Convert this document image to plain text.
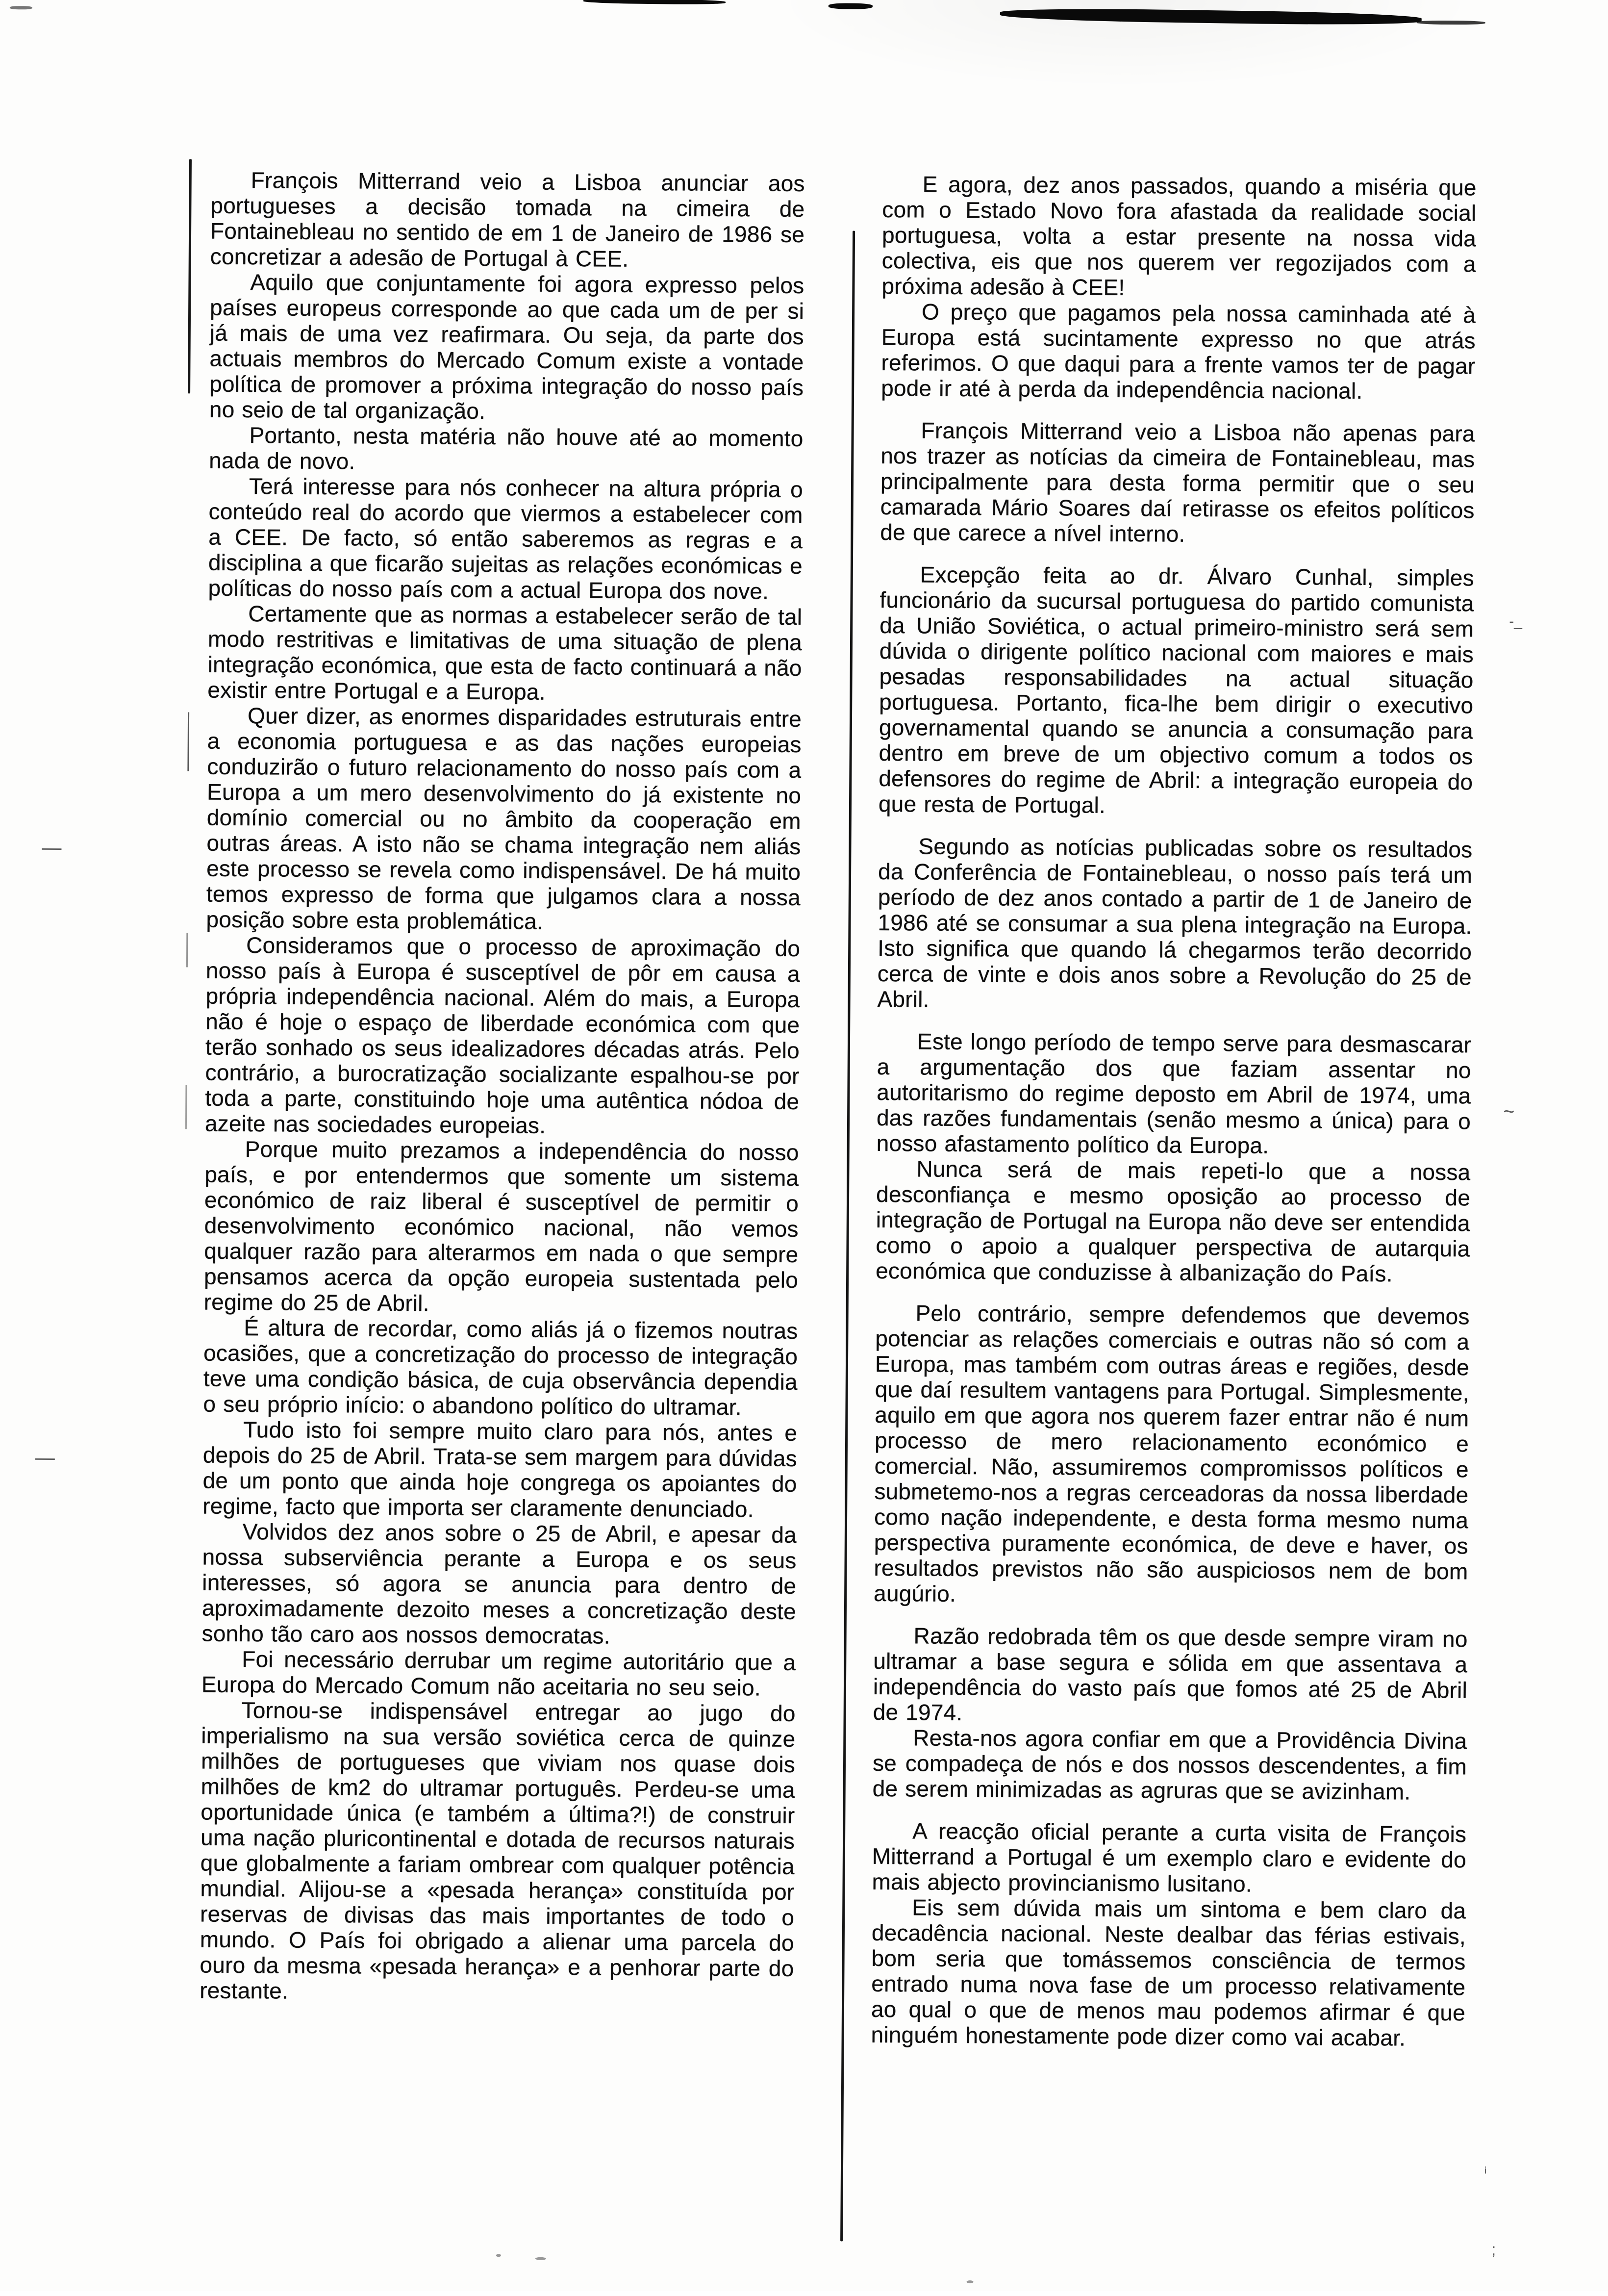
—
—
-_
~
ⁱ
;

François Mitterrand veio a Lisboa anunciar aos portugueses a decisão tomada na cimeira de Fontainebleau no sentido de em 1 de Janeiro de 1986 se concretizar a adesão de Portugal à CEE.

Aquilo que conjuntamente foi agora expresso pelos países europeus corresponde ao que cada um de per si já mais de uma vez reafirmara. Ou seja, da parte dos actuais membros do Mercado Comum existe a vontade política de promover a próxima integração do nosso país no seio de tal organização.

Portanto, nesta matéria não houve até ao momento nada de novo.

Terá interesse para nós conhecer na altura própria o conteúdo real do acordo que viermos a estabelecer com a CEE. De facto, só então saberemos as regras e a disciplina a que ficarão sujeitas as relações económicas e políticas do nosso país com a actual Europa dos nove.

Certamente que as normas a estabelecer serão de tal modo restritivas e limitativas de uma situação de plena integração económica, que esta de facto continuará a não existir entre Portugal e a Europa.

Quer dizer, as enormes disparidades estruturais entre a economia portuguesa e as das nações europeias conduzirão o futuro relacionamento do nosso país com a Europa a um mero desenvolvimento do já existente no domínio comercial ou no âmbito da cooperação em outras áreas. A isto não se chama integração nem aliás este processo se revela como indispensável. De há muito temos expresso de forma que julgamos clara a nossa posição sobre esta problemática.

Consideramos que o processo de aproximação do nosso país à Europa é susceptível de pôr em causa a própria independência nacional. Além do mais, a Europa não é hoje o espaço de liberdade económica com que terão sonhado os seus idealizadores décadas atrás. Pelo contrário, a burocratização socializante espalhou-se por toda a parte, constituindo hoje uma autêntica nódoa de azeite nas sociedades europeias.

Porque muito prezamos a independência do nosso país, e por entendermos que somente um sistema económico de raiz liberal é susceptível de permitir o desenvolvimento económico nacional, não vemos qualquer razão para alterarmos em nada o que sempre pensamos acerca da opção europeia sustentada pelo regime do 25 de Abril.

É altura de recordar, como aliás já o fizemos noutras ocasiões, que a concretização do processo de integração teve uma condição básica, de cuja observância dependia o seu próprio início: o abandono político do ultramar.

Tudo isto foi sempre muito claro para nós, antes e depois do 25 de Abril. Trata-se sem margem para dúvidas de um ponto que ainda hoje congrega os apoiantes do regime, facto que importa ser claramente denunciado.

Volvidos dez anos sobre o 25 de Abril, e apesar da nossa subserviência perante a Europa e os seus interesses, só agora se anuncia para dentro de aproximadamente dezoito meses a concretização deste sonho tão caro aos nossos democratas.

Foi necessário derrubar um regime autoritário que a Europa do Mercado Comum não aceitaria no seu seio.

Tornou-se indispensável entregar ao jugo do imperialismo na sua versão soviética cerca de quinze milhões de portugueses que viviam nos quase dois milhões de km2 do ultramar português. Perdeu-se uma oportunidade única (e também a última?!) de construir uma nação pluricontinental e dotada de recursos naturais que globalmente a fariam ombrear com qualquer potência mundial. Alijou-se a «pesada herança» constituída por reservas de divisas das mais importantes de todo o mundo. O País foi obrigado a alienar uma parcela do ouro da mesma «pesada herança» e a penhorar parte do restante.

E agora, dez anos passados, quando a miséria que com o Estado Novo fora afastada da realidade social portuguesa, volta a estar presente na nossa vida colectiva, eis que nos querem ver regozijados com a próxima adesão à CEE!

O preço que pagamos pela nossa caminhada até à Europa está sucintamente expresso no que atrás referimos. O que daqui para a frente vamos ter de pagar pode ir até à perda da independência nacional.

François Mitterrand veio a Lisboa não apenas para nos trazer as notícias da cimeira de Fontainebleau, mas principalmente para desta forma permitir que o seu camarada Mário Soares daí retirasse os efeitos políticos de que carece a nível interno.

Excepção feita ao dr. Álvaro Cunhal, simples funcionário da sucursal portuguesa do partido comunista da União Soviética, o actual primeiro-ministro será sem dúvida o dirigente político nacional com maiores e mais pesadas responsabilidades na actual situação portuguesa. Portanto, fica-lhe bem dirigir o executivo governamental quando se anuncia a consumação para dentro em breve de um objectivo comum a todos os defensores do regime de Abril: a integração europeia do que resta de Portugal.

Segundo as notícias publicadas sobre os resultados da Conferência de Fontainebleau, o nosso país terá um período de dez anos contado a partir de 1 de Janeiro de 1986 até se consumar a sua plena integração na Europa. Isto significa que quando lá chegarmos terão decorrido cerca de vinte e dois anos sobre a Revolução do 25 de Abril.

Este longo período de tempo serve para desmascarar a argumentação dos que faziam assentar no autoritarismo do regime deposto em Abril de 1974, uma das razões fundamentais (senão mesmo a única) para o nosso afastamento político da Europa.

Nunca será de mais repeti-lo que a nossa desconfiança e mesmo oposição ao processo de integração de Portugal na Europa não deve ser entendida como o apoio a qualquer perspectiva de autarquia económica que conduzisse à albanização do País.

Pelo contrário, sempre defendemos que devemos potenciar as relações comerciais e outras não só com a Europa, mas também com outras áreas e regiões, desde que daí resultem vantagens para Portugal. Simplesmente, aquilo em que agora nos querem fazer entrar não é num processo de mero relacionamento económico e comercial. Não, assumiremos compromissos políticos e submetemo-nos a regras cerceadoras da nossa liberdade como nação independente, e desta forma mesmo numa perspectiva puramente económica, de deve e haver, os resultados previstos não são auspiciosos nem de bom augúrio.

Razão redobrada têm os que desde sempre viram no ultramar a base segura e sólida em que assentava a independência do vasto país que fomos até 25 de Abril de 1974.

Resta-nos agora confiar em que a Providência Divina se compadeça de nós e dos nossos descendentes, a fim de serem minimizadas as agruras que se avizinham.

A reacção oficial perante a curta visita de François Mitterrand a Portugal é um exemplo claro e evidente do mais abjecto provincianismo lusitano.

Eis sem dúvida mais um sintoma e bem claro da decadência nacional. Neste dealbar das férias estivais, bom seria que tomássemos consciência de termos entrado numa nova fase de um processo relativamente ao qual o que de menos mau podemos afirmar é que ninguém honestamente pode dizer como vai acabar.
